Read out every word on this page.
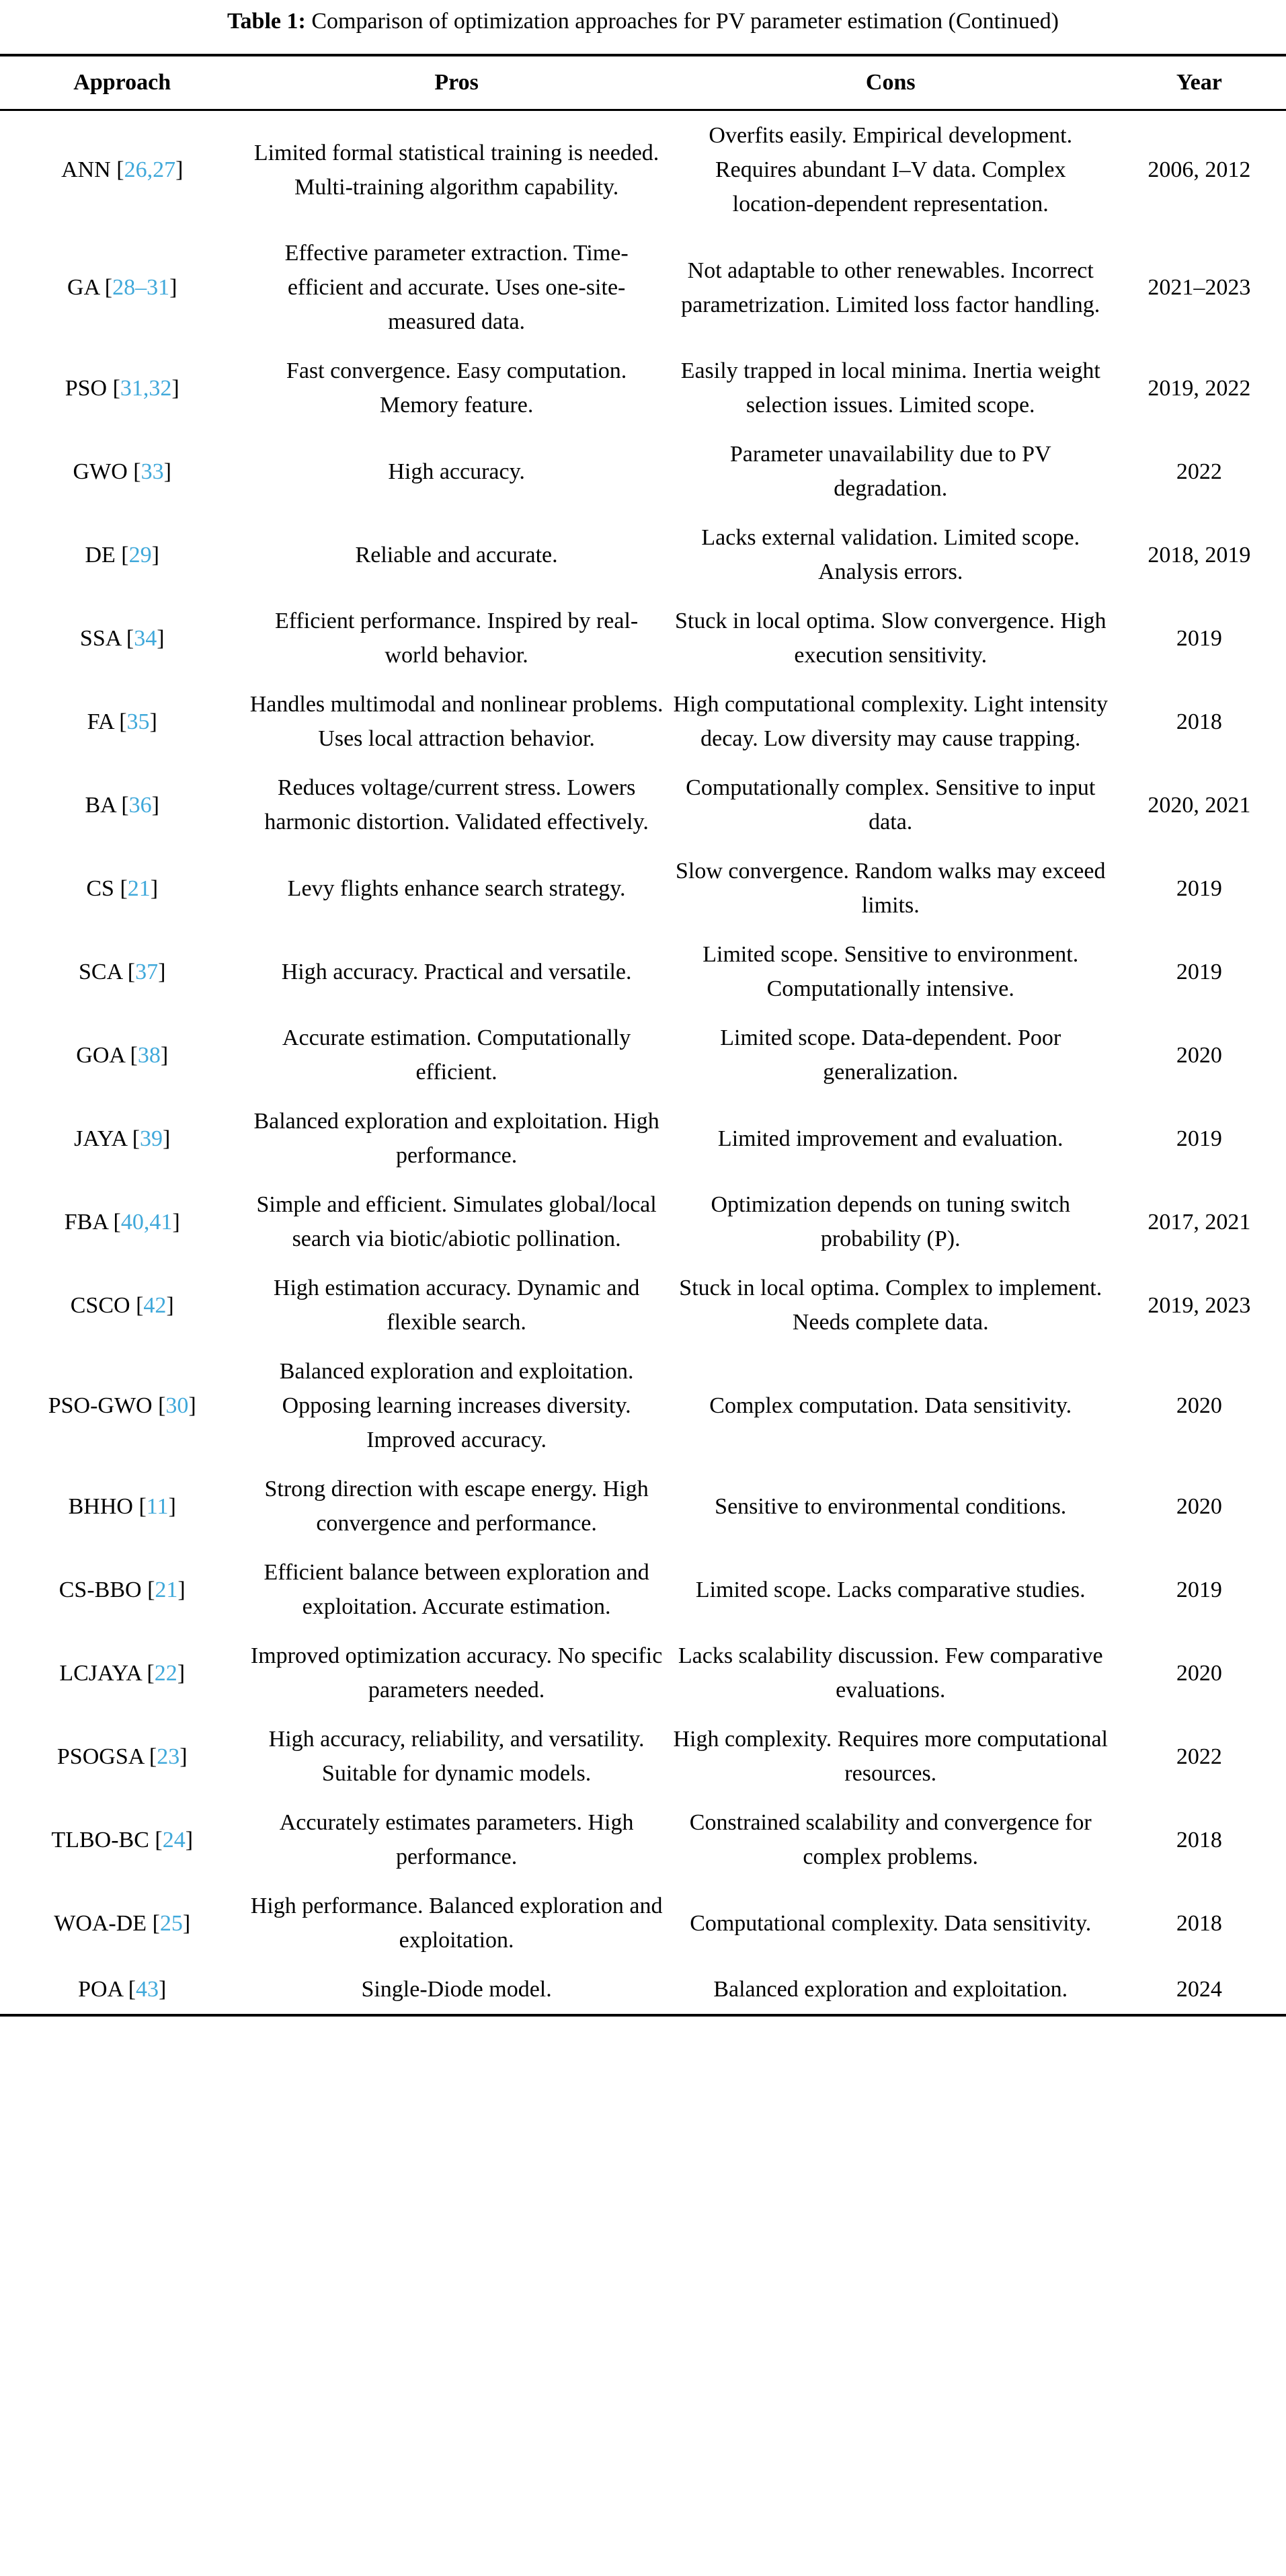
Table 1: Comparison of optimization approaches for PV parameter estimation (Continued)
Approach	Pros	Cons	Year
ANN [26,27]	Limited formal statistical training is needed. Multi-training algorithm capability.	Overfits easily. Empirical development. Requires abundant I–V data. Complex location-dependent representation.	2006, 2012
GA [28–31]	Effective parameter extraction. Time-efficient and accurate. Uses one-site-measured data.	Not adaptable to other renewables. Incorrect parametrization. Limited loss factor handling.	2021–2023
PSO [31,32]	Fast convergence. Easy computation. Memory feature.	Easily trapped in local minima. Inertia weight selection issues. Limited scope.	2019, 2022
GWO [33]	High accuracy.	Parameter unavailability due to PV degradation.	2022
DE [29]	Reliable and accurate.	Lacks external validation. Limited scope. Analysis errors.	2018, 2019
SSA [34]	Efficient performance. Inspired by real-world behavior.	Stuck in local optima. Slow convergence. High execution sensitivity.	2019
FA [35]	Handles multimodal and nonlinear problems. Uses local attraction behavior.	High computational complexity. Light intensity decay. Low diversity may cause trapping.	2018
BA [36]	Reduces voltage/current stress. Lowers harmonic distortion. Validated effectively.	Computationally complex. Sensitive to input data.	2020, 2021
CS [21]	Levy flights enhance search strategy.	Slow convergence. Random walks may exceed limits.	2019
SCA [37]	High accuracy. Practical and versatile.	Limited scope. Sensitive to environment. Computationally intensive.	2019
GOA [38]	Accurate estimation. Computationally efficient.	Limited scope. Data-dependent. Poor generalization.	2020
JAYA [39]	Balanced exploration and exploitation. High performance.	Limited improvement and evaluation.	2019
FBA [40,41]	Simple and efficient. Simulates global/local search via biotic/abiotic pollination.	Optimization depends on tuning switch probability (P).	2017, 2021
CSCO [42]	High estimation accuracy. Dynamic and flexible search.	Stuck in local optima. Complex to implement. Needs complete data.	2019, 2023
PSO-GWO [30]	Balanced exploration and exploitation. Opposing learning increases diversity. Improved accuracy.	Complex computation. Data sensitivity.	2020
BHHO [11]	Strong direction with escape energy. High convergence and performance.	Sensitive to environmental conditions.	2020
CS-BBO [21]	Efficient balance between exploration and exploitation. Accurate estimation.	Limited scope. Lacks comparative studies.	2019
LCJAYA [22]	Improved optimization accuracy. No specific parameters needed.	Lacks scalability discussion. Few comparative evaluations.	2020
PSOGSA [23]	High accuracy, reliability, and versatility. Suitable for dynamic models.	High complexity. Requires more computational resources.	2022
TLBO-BC [24]	Accurately estimates parameters. High performance.	Constrained scalability and convergence for complex problems.	2018
WOA-DE [25]	High performance. Balanced exploration and exploitation.	Computational complexity. Data sensitivity.	2018
POA [43]	Single-Diode model.	Balanced exploration and exploitation.	2024
